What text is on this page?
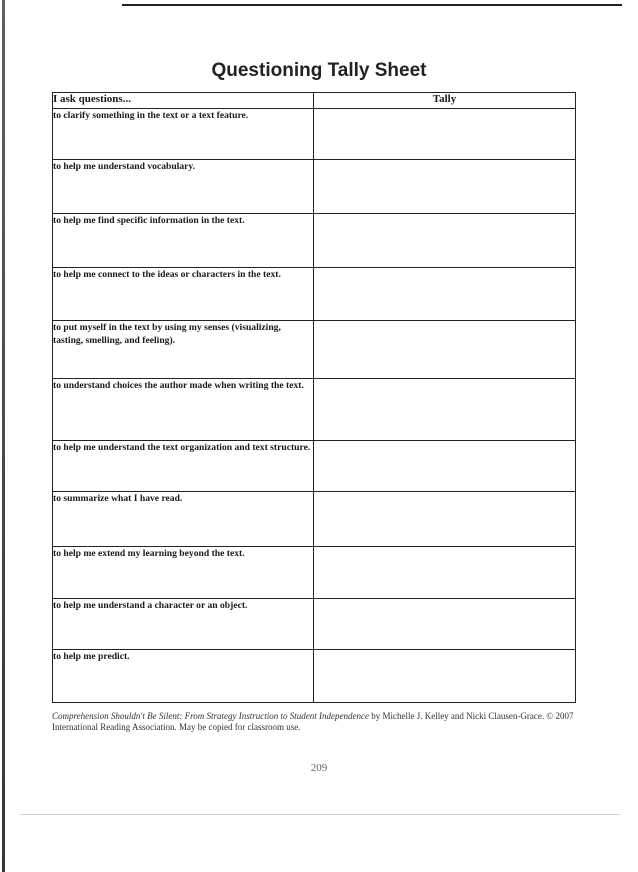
Questioning Tally Sheet
I ask questions...	Tally
to clarify something in the text or a text feature.	
to help me understand vocabulary.	
to help me find specific information in the text.	
to help me connect to the ideas or characters in the text.	
to put myself in the text by using my senses (visualizing, tasting, smelling, and feeling).	
to understand choices the author made when writing the text.	
to help me understand the text organization and text structure.	
to summarize what I have read.	
to help me extend my learning beyond the text.	
to help me understand a character or an object.	
to help me predict.	
Comprehension Shouldn't Be Silent: From Strategy Instruction to Student Independence by Michelle J. Kelley and Nicki Clausen-Grace. © 2007 International Reading Association. May be copied for classroom use.
209
